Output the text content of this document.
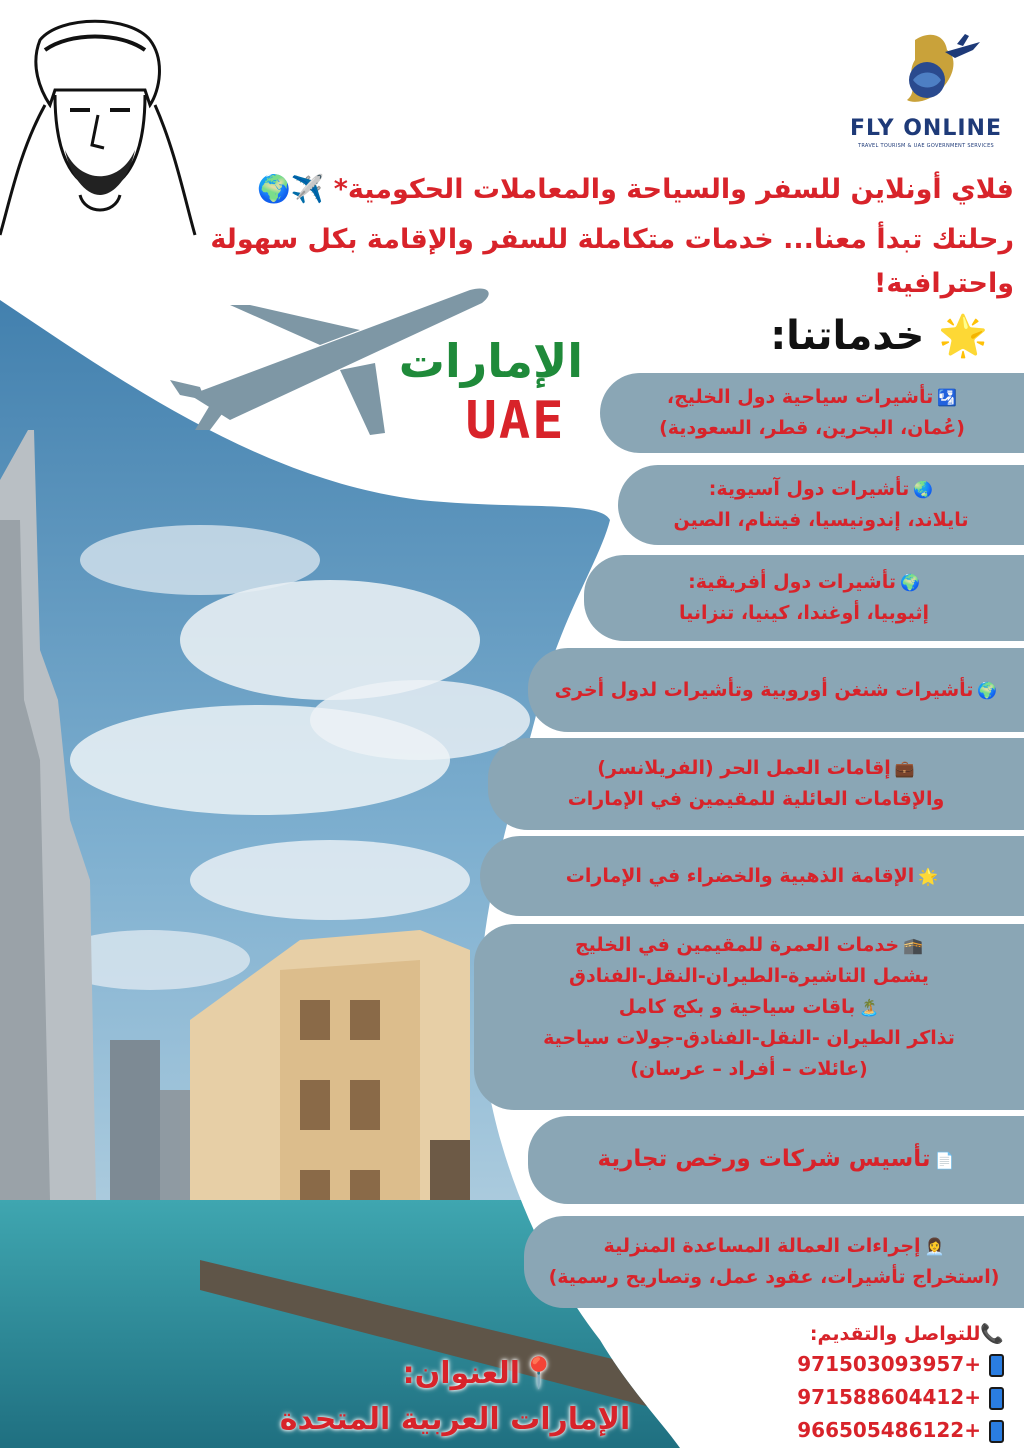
FLY ONLINE
TRAVEL TOURISM & UAE GOVERNMENT SERVICES
فلاي أونلاين للسفر والسياحة والمعاملات الحكومية* ✈️🌍
رحلتك تبدأ معنا... خدمات متكاملة للسفر والإقامة بكل سهولة
واحترافية!
الإمارات
UAE
🌟 خدماتنا:
🛂تأشيرات سياحية دول الخليج،
(عُمان، البحرين، قطر، السعودية)
🌏تأشيرات دول آسيوية:
تايلاند، إندونيسيا، فيتنام، الصين
🌍تأشيرات دول أفريقية:
إثيوبيا، أوغندا، كينيا، تنزانيا
🌍تأشيرات شنغن أوروبية وتأشيرات لدول أخرى
💼إقامات العمل الحر (الفريلانسر)
والإقامات العائلية للمقيمين في الإمارات
🌟الإقامة الذهبية والخضراء في الإمارات
🕋خدمات العمرة للمقيمين في الخليج
يشمل التاشيرة-الطيران-النقل-الفنادق
🏝️باقات سياحية و بكج كامل
تذاكر الطيران -النقل-الفنادق-جولات سياحية
(عائلات – أفراد – عرسان)
📄تأسيس شركات ورخص تجارية
👩‍💼إجراءات العمالة المساعدة المنزلية
(استخراج تأشيرات، عقود عمل، وتصاريح رسمية)
📞للتواصل والتقديم:
+971503093957
+971588604412
+966505486122
📍العنوان:
الإمارات العربية المتحدة
